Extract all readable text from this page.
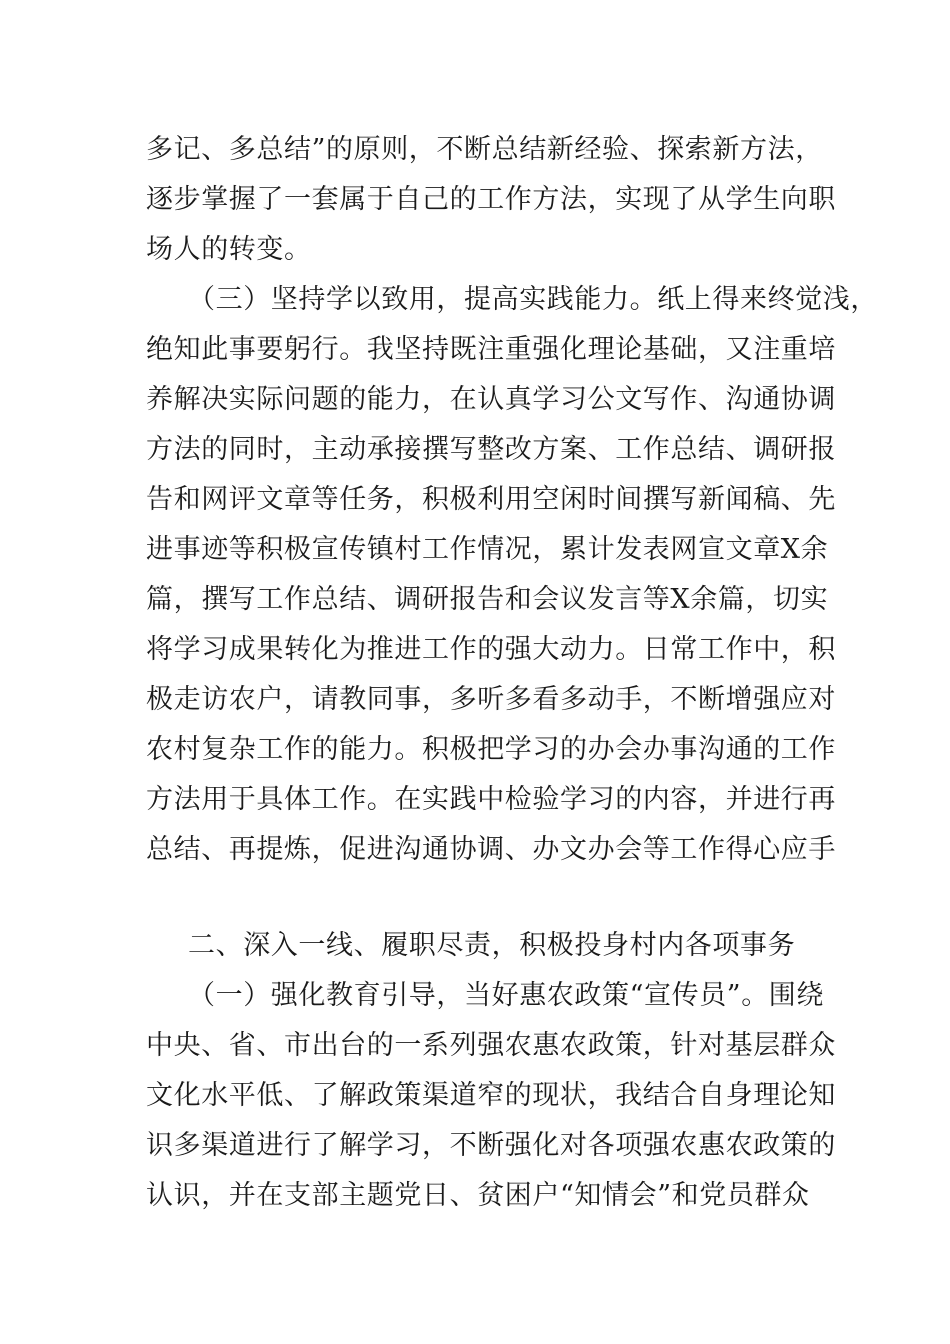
多记、多总结”的原则，不断总结新经验、探索新方法，
逐步掌握了一套属于自己的工作方法，实现了从学生向职
场人的转变。
（三）坚持学以致用，提高实践能力。纸上得来终觉浅，
绝知此事要躬行。我坚持既注重强化理论基础，又注重培
养解决实际问题的能力，在认真学习公文写作、沟通协调
方法的同时，主动承接撰写整改方案、工作总结、调研报
告和网评文章等任务，积极利用空闲时间撰写新闻稿、先
进事迹等积极宣传镇村工作情况，累计发表网宣文章X余
篇，撰写工作总结、调研报告和会议发言等X余篇，切实
将学习成果转化为推进工作的强大动力。日常工作中，积
极走访农户，请教同事，多听多看多动手，不断增强应对
农村复杂工作的能力。积极把学习的办会办事沟通的工作
方法用于具体工作。在实践中检验学习的内容，并进行再
总结、再提炼，促进沟通协调、办文办会等工作得心应手
二、深入一线、履职尽责，积极投身村内各项事务
（一）强化教育引导，当好惠农政策“宣传员”。围绕
中央、省、市出台的一系列强农惠农政策，针对基层群众
文化水平低、了解政策渠道窄的现状，我结合自身理论知
识多渠道进行了解学习，不断强化对各项强农惠农政策的
认识，并在支部主题党日、贫困户“知情会”和党员群众
